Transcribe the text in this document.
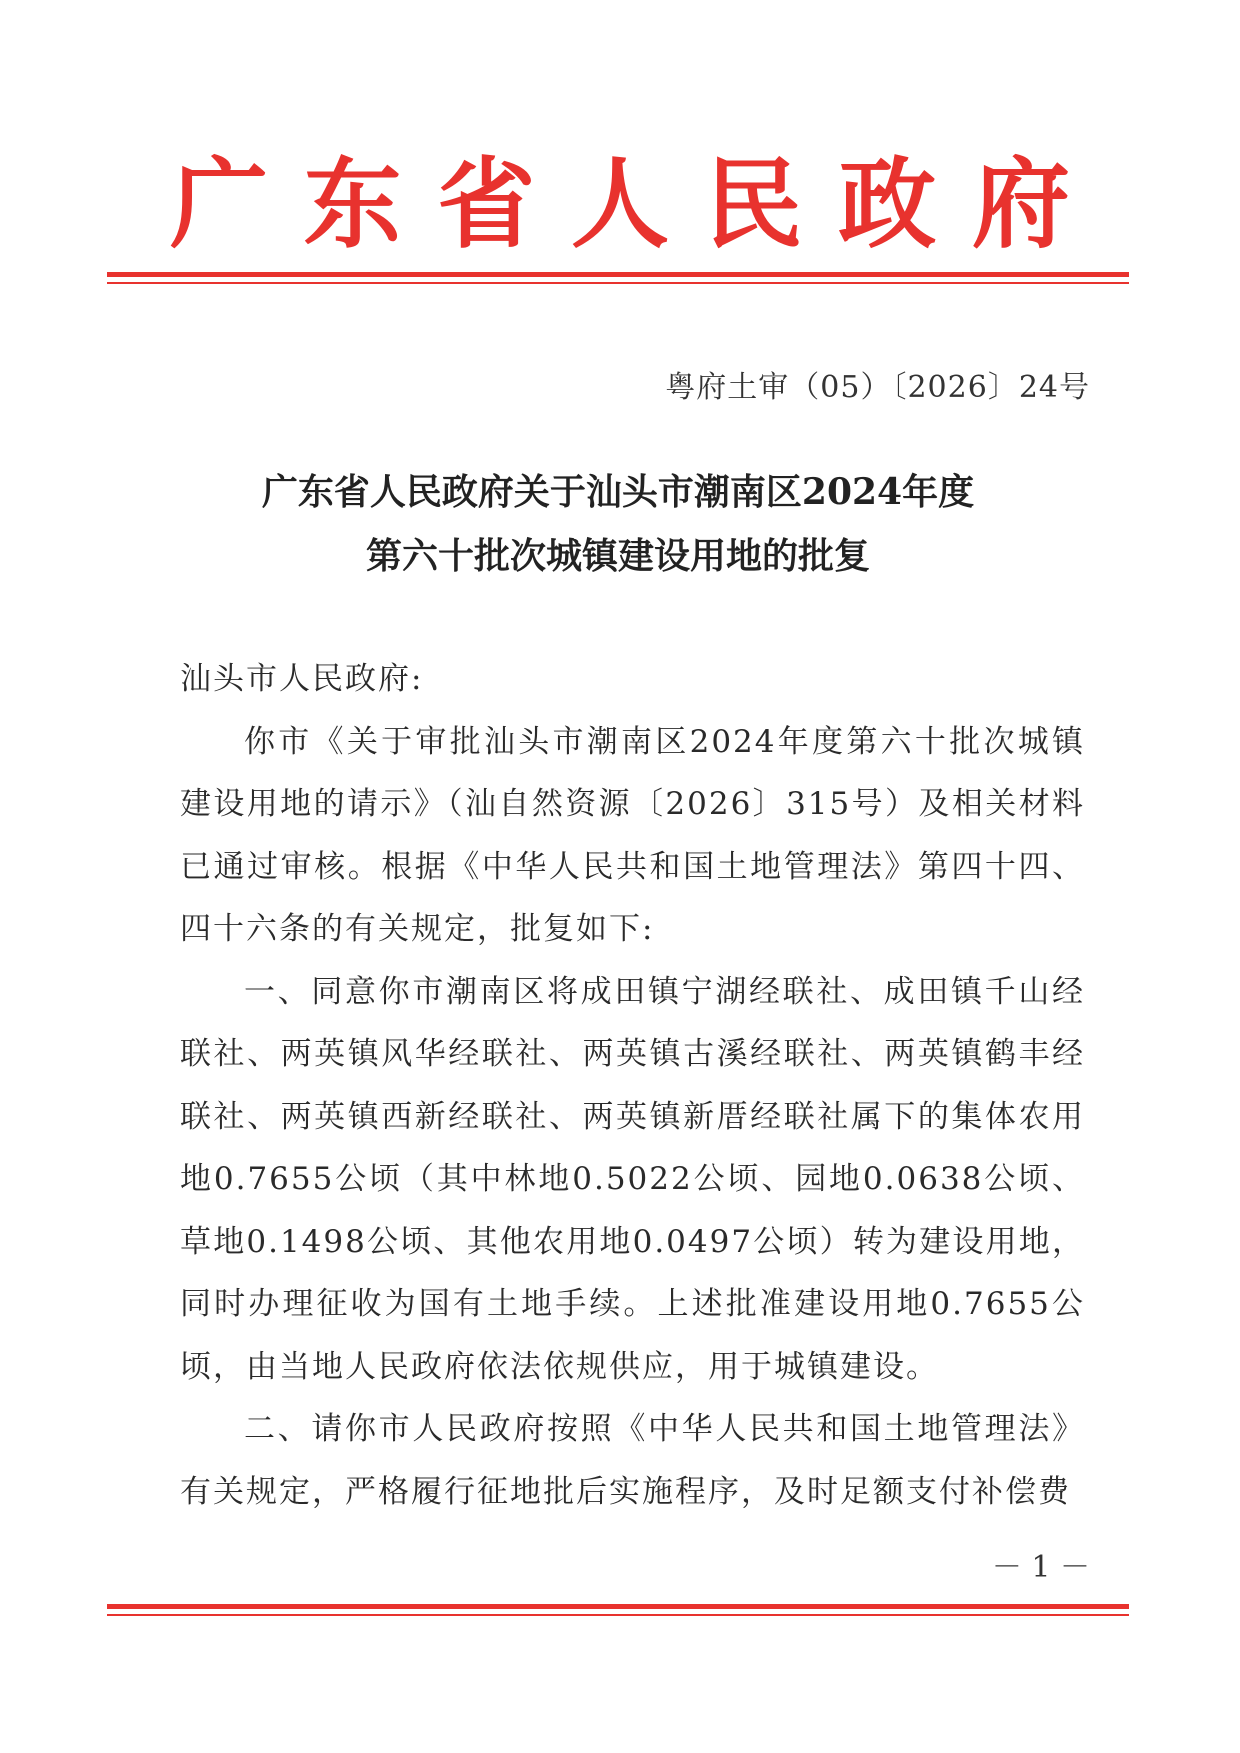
广 东 省 人 民 政 府
粤府土审（05）〔2026〕24号
广东省人民政府关于汕头市潮南区2024年度
第六十批次城镇建设用地的批复

汕头市人民政府:

你市《关于审批汕头市潮南区2024年度第六十批次城镇建设用地的请示》（汕自然资源〔2026〕315号）及相关材料已通过审核。根据《中华人民共和国土地管理法》第四十四、四十六条的有关规定，批复如下:

一、同意你市潮南区将成田镇宁湖经联社、成田镇千山经联社、两英镇风华经联社、两英镇古溪经联社、两英镇鹤丰经联社、两英镇西新经联社、两英镇新厝经联社属下的集体农用地0.7655公顷（其中林地0.5022公顷、园地0.0638公顷、草地0.1498公顷、其他农用地0.0497公顷）转为建设用地，同时办理征收为国有土地手续。上述批准建设用地0.7655公顷，由当地人民政府依法依规供应，用于城镇建设。

二、请你市人民政府按照《中华人民共和国土地管理法》有关规定，严格履行征地批后实施程序，及时足额支付补偿费

－ 1 －
